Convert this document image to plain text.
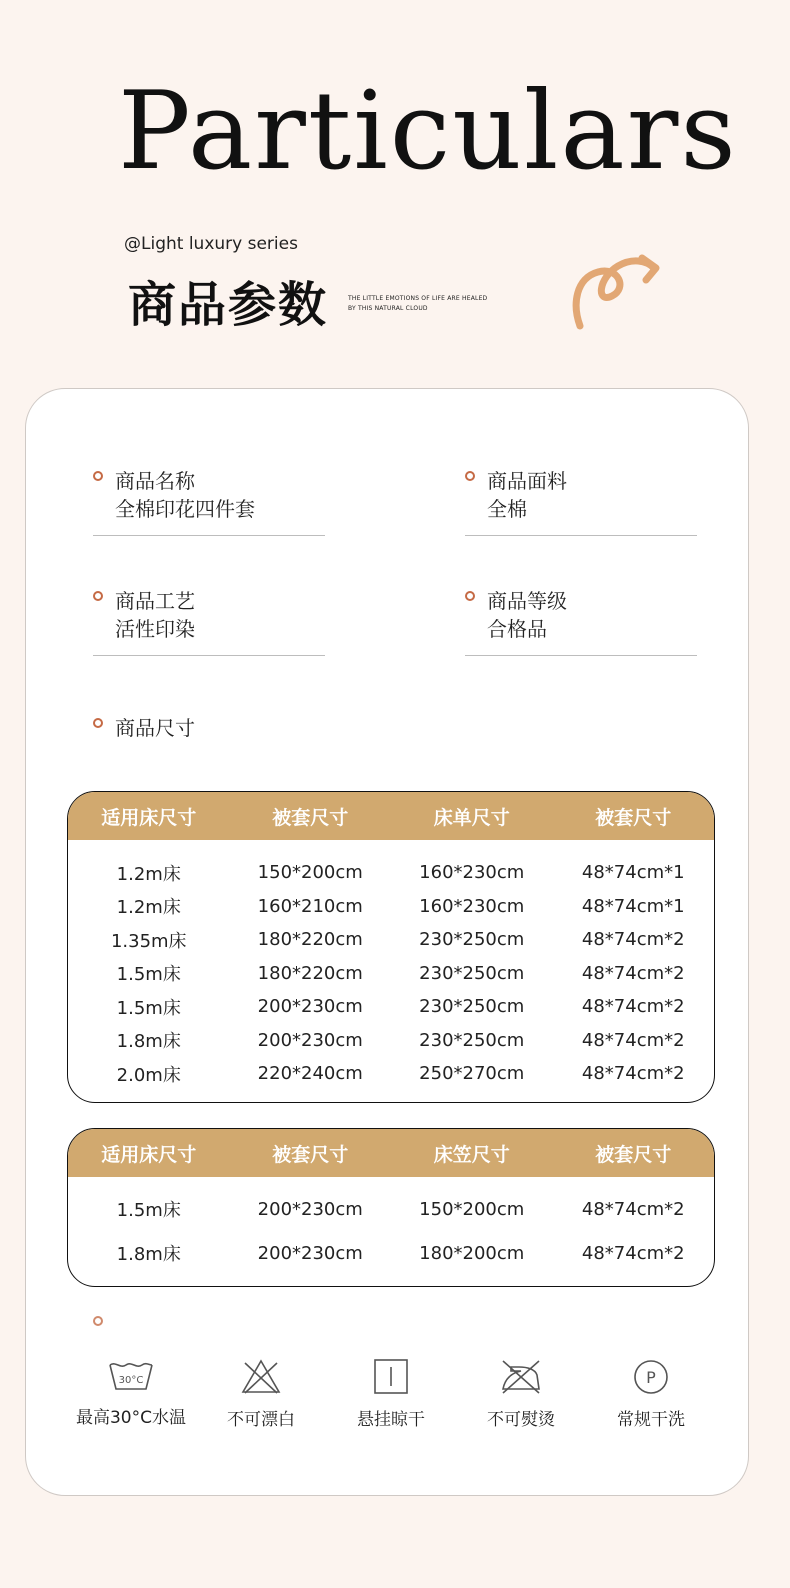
Particulars
@Light luxury series
商品参数	THE LITTLE EMOTIONS OF LIFE ARE HEALED
BY THIS NATURAL CLOUD
商品名称
全棉印花四件套
商品面料
全棉
商品工艺
活性印染
商品等级
合格品
商品尺寸
适用床尺寸	被套尺寸	床单尺寸	被套尺寸
1.2m床	150*200cm	160*230cm	48*74cm*1
1.2m床	160*210cm	160*230cm	48*74cm*1
1.35m床	180*220cm	230*250cm	48*74cm*2
1.5m床	180*220cm	230*250cm	48*74cm*2
1.5m床	200*230cm	230*250cm	48*74cm*2
1.8m床	200*230cm	230*250cm	48*74cm*2
2.0m床	220*240cm	250*270cm	48*74cm*2
适用床尺寸	被套尺寸	床笠尺寸	被套尺寸
1.5m床	200*230cm	150*200cm	48*74cm*2
1.8m床	200*230cm	180*200cm	48*74cm*2
30°C
最高30°C水温	不可漂白	悬挂晾干	不可熨烫
P
常规干洗
